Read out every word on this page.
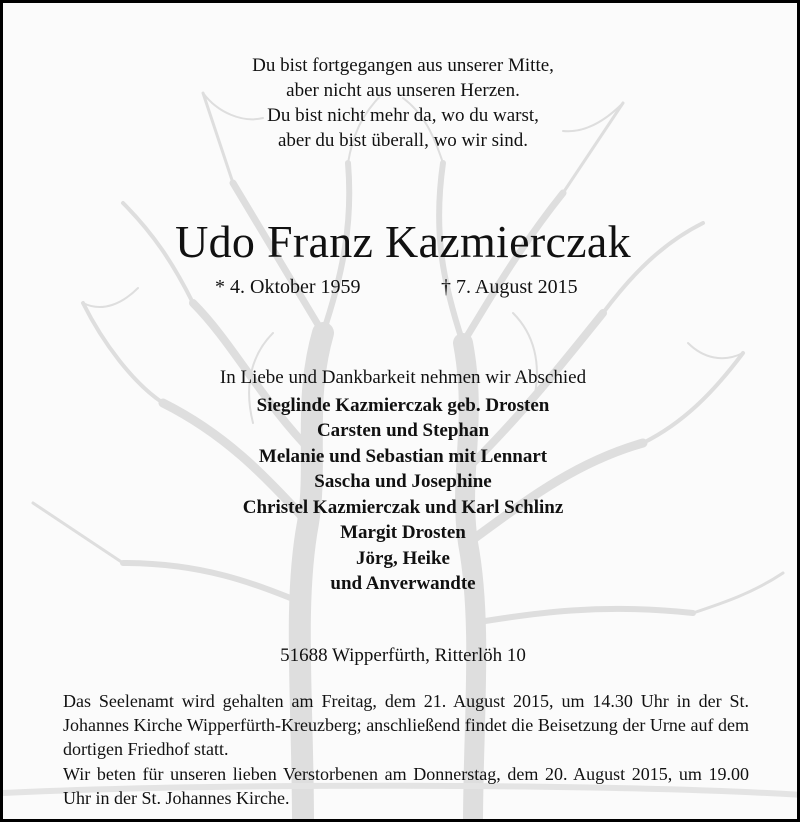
Du bist fortgegangen aus unserer Mitte,
aber nicht aus unseren Herzen.
Du bist nicht mehr da, wo du warst,
aber du bist überall, wo wir sind.
Udo Franz Kazmierczak
* 4. Oktober 1959	† 7. August 2015
In Liebe und Dankbarkeit nehmen wir Abschied
Sieglinde Kazmierczak geb. Drosten
Carsten und Stephan
Melanie und Sebastian mit Lennart
Sascha und Josephine
Christel Kazmierczak und Karl Schlinz
Margit Drosten
Jörg, Heike
und Anverwandte
51688 Wipperfürth, Ritterlöh 10
Das Seelenamt wird gehalten am Freitag, dem 21. August 2015, um 14.30 Uhr in der St. Johannes Kirche Wipperfürth-Kreuzberg; anschließend findet die Beisetzung der Urne auf dem dortigen Friedhof statt.
Wir beten für unseren lieben Verstorbenen am Donnerstag, dem 20. August 2015, um 19.00 Uhr in der St. Johannes Kirche.
